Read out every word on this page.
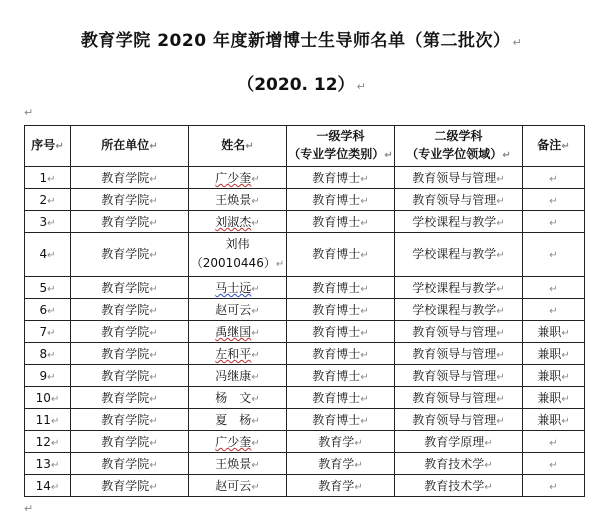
教育学院 2020 年度新增博士生导师名单（第二批次） ↵
（2020. 12） ↵
↵
序号↵	所在单位↵	姓名↵	一级学科
（专业学位类别）↵	二级学科
（专业学位领域）↵	备注↵
1↵	教育学院↵	广少奎↵	教育博士↵	教育领导与管理↵	↵
2↵	教育学院↵	王焕景↵	教育博士↵	教育领导与管理↵	↵
3↵	教育学院↵	刘淑杰↵	教育博士↵	学校课程与教学↵	↵
4↵	教育学院↵	刘伟
（20010446）↵	教育博士↵	学校课程与教学↵	↵
5↵	教育学院↵	马士远↵	教育博士↵	学校课程与教学↵	↵
6↵	教育学院↵	赵可云↵	教育博士↵	学校课程与教学↵	↵
7↵	教育学院↵	禹继国↵	教育博士↵	教育领导与管理↵	兼职↵
8↵	教育学院↵	左和平↵	教育博士↵	教育领导与管理↵	兼职↵
9↵	教育学院↵	冯继康↵	教育博士↵	教育领导与管理↵	兼职↵
10↵	教育学院↵	杨　文↵	教育博士↵	教育领导与管理↵	兼职↵
11↵	教育学院↵	夏　杨↵	教育博士↵	教育领导与管理↵	兼职↵
12↵	教育学院↵	广少奎↵	教育学↵	教育学原理↵	↵
13↵	教育学院↵	王焕景↵	教育学↵	教育技术学↵	↵
14↵	教育学院↵	赵可云↵	教育学↵	教育技术学↵	↵
↵
